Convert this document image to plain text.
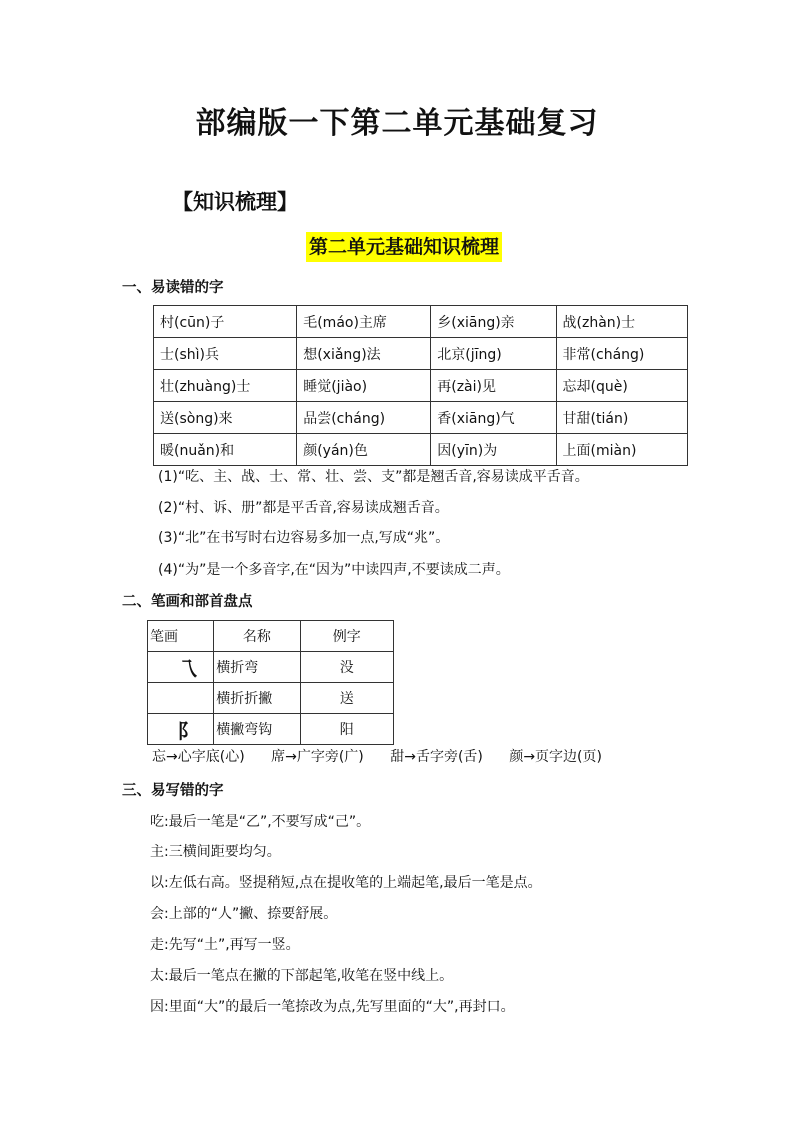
部编版一下第二单元基础复习
【知识梳理】
第二单元基础知识梳理
一、易读错的字
村(cūn)子	毛(máo)主席	乡(xiāng)亲	战(zhàn)士
士(shì)兵	想(xiǎng)法	北京(jīng)	非常(cháng)
壮(zhuàng)士	睡觉(jiào)	再(zài)见	忘却(què)
送(sòng)来	品尝(cháng)	香(xiāng)气	甘甜(tián)
暖(nuǎn)和	颜(yán)色	因(yīn)为	上面(miàn)
(1)“吃、主、战、士、常、壮、尝、支”都是翘舌音,容易读成平舌音。
(2)“村、诉、册”都是平舌音,容易读成翘舌音。
(3)“北”在书写时右边容易多加一点,写成“兆”。
(4)“为”是一个多音字,在“因为”中读四声,不要读成二声。
二、笔画和部首盘点
笔画	名称	例字
乁	横折弯	没
	横折折撇	送
阝	横撇弯钩	阳
忘→心字底(心) 席→广字旁(广) 甜→舌字旁(舌) 颜→页字边(页)
三、易写错的字
吃:最后一笔是“乙”,不要写成“己”。
主:三横间距要均匀。
以:左低右高。竖提稍短,点在提收笔的上端起笔,最后一笔是点。
会:上部的“人”撇、捺要舒展。
走:先写“土”,再写一竖。
太:最后一笔点在撇的下部起笔,收笔在竖中线上。
因:里面“大”的最后一笔捺改为点,先写里面的“大”,再封口。
